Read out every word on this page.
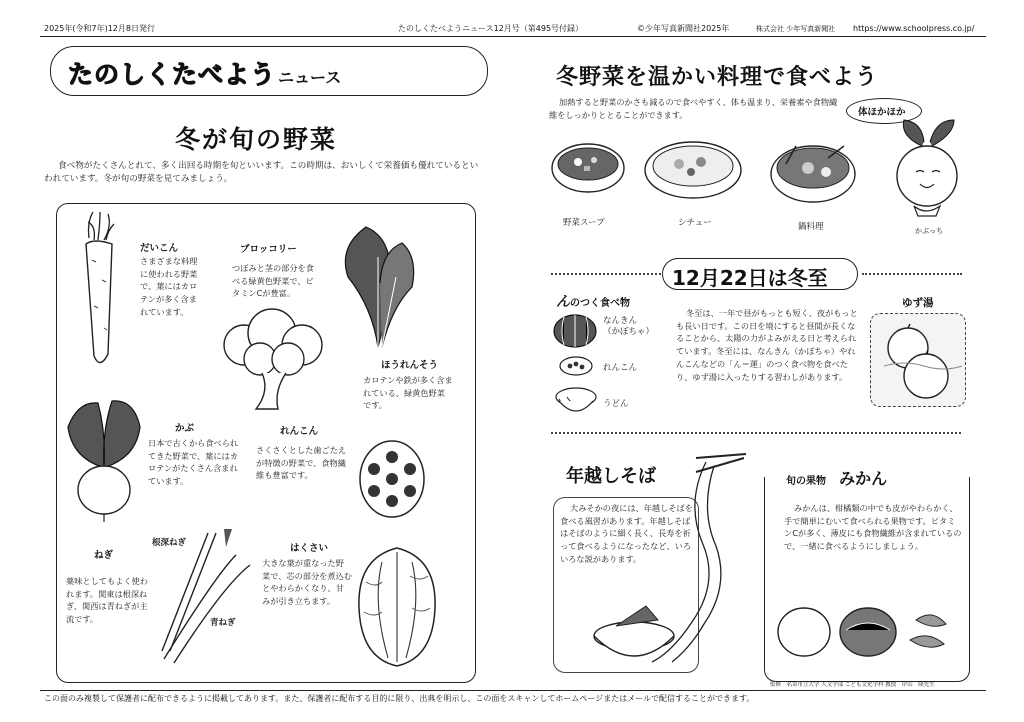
2025年(令和7年)12月8日発行	たのしくたべようニュース12月号（第495号付録）	©少年写真新聞社2025年	株式会社 少年写真新聞社 https://www.schoolpress.co.jp/
たのしくたべよう ニュース
冬が旬の野菜
食べ物がたくさんとれて、多く出回る時期を旬といいます。この時期は、おいしくて栄養価も優れているといわれています。冬が旬の野菜を見てみましょう。
だいこん
さまざまな料理に使われる野菜で、葉にはカロテンが多く含まれています。
ブロッコリー
つぼみと茎の部分を食べる緑黄色野菜で、ビタミンCが豊富。
ほうれんそう
カロテンや鉄が多く含まれている、緑黄色野菜です。
かぶ
日本で古くから食べられてきた野菜で、葉にはカロテンがたくさん含まれています。
れんこん
さくさくとした歯ごたえが特徴の野菜で、食物繊維も豊富です。
根深ねぎ
ねぎ
薬味としてもよく使われます。関東は根深ねぎ、関西は青ねぎが主流です。	青ねぎ
はくさい
大きな葉が重なった野菜で、芯の部分を煮込むとやわらかくなり、甘みが引き立ちます。
冬野菜を温かい料理で食べよう
加熱すると野菜のかさも減るので食べやすく、体も温まり、栄養素や食物繊維をしっかりととることができます。	体ほかほか
かぶっち
野菜スープ	シチュー	鍋料理
12月22日は冬至
んのつく食べ物
なんきん
（かぼちゃ）
れんこん
うどん
冬至は、一年で昼がもっとも短く、夜がもっとも長い日です。この日を境にすると昼間が長くなることから、太陽の力がよみがえる日と考えられています。冬至には、なんきん（かぼちゃ）やれんこんなどの「ん＝運」のつく食べ物を食べたり、ゆず湯に入ったりする習わしがあります。
ゆず湯
年越しそば
大みそかの夜には、年越しそばを食べる風習があります。年越しそばはそばのように細く長く、長寿を祈って食べるようになったなど、いろいろな説があります。
旬の果物 みかん
みかんは、柑橘類の中でも皮がやわらかく、手で簡単にむいて食べられる果物です。ビタミンCが多く、薄皮にも食物繊維が含まれているので、一緒に食べるようにしましょう。
監修　名寄市立大学 人文学部 こども文化学科 教授　岸山　隆先生
この面のみ複製して保護者に配布できるように掲載してあります。また、保護者に配布する目的に限り、出典を明示し、この面をスキャンしてホームページまたはメールで配信することができます。
